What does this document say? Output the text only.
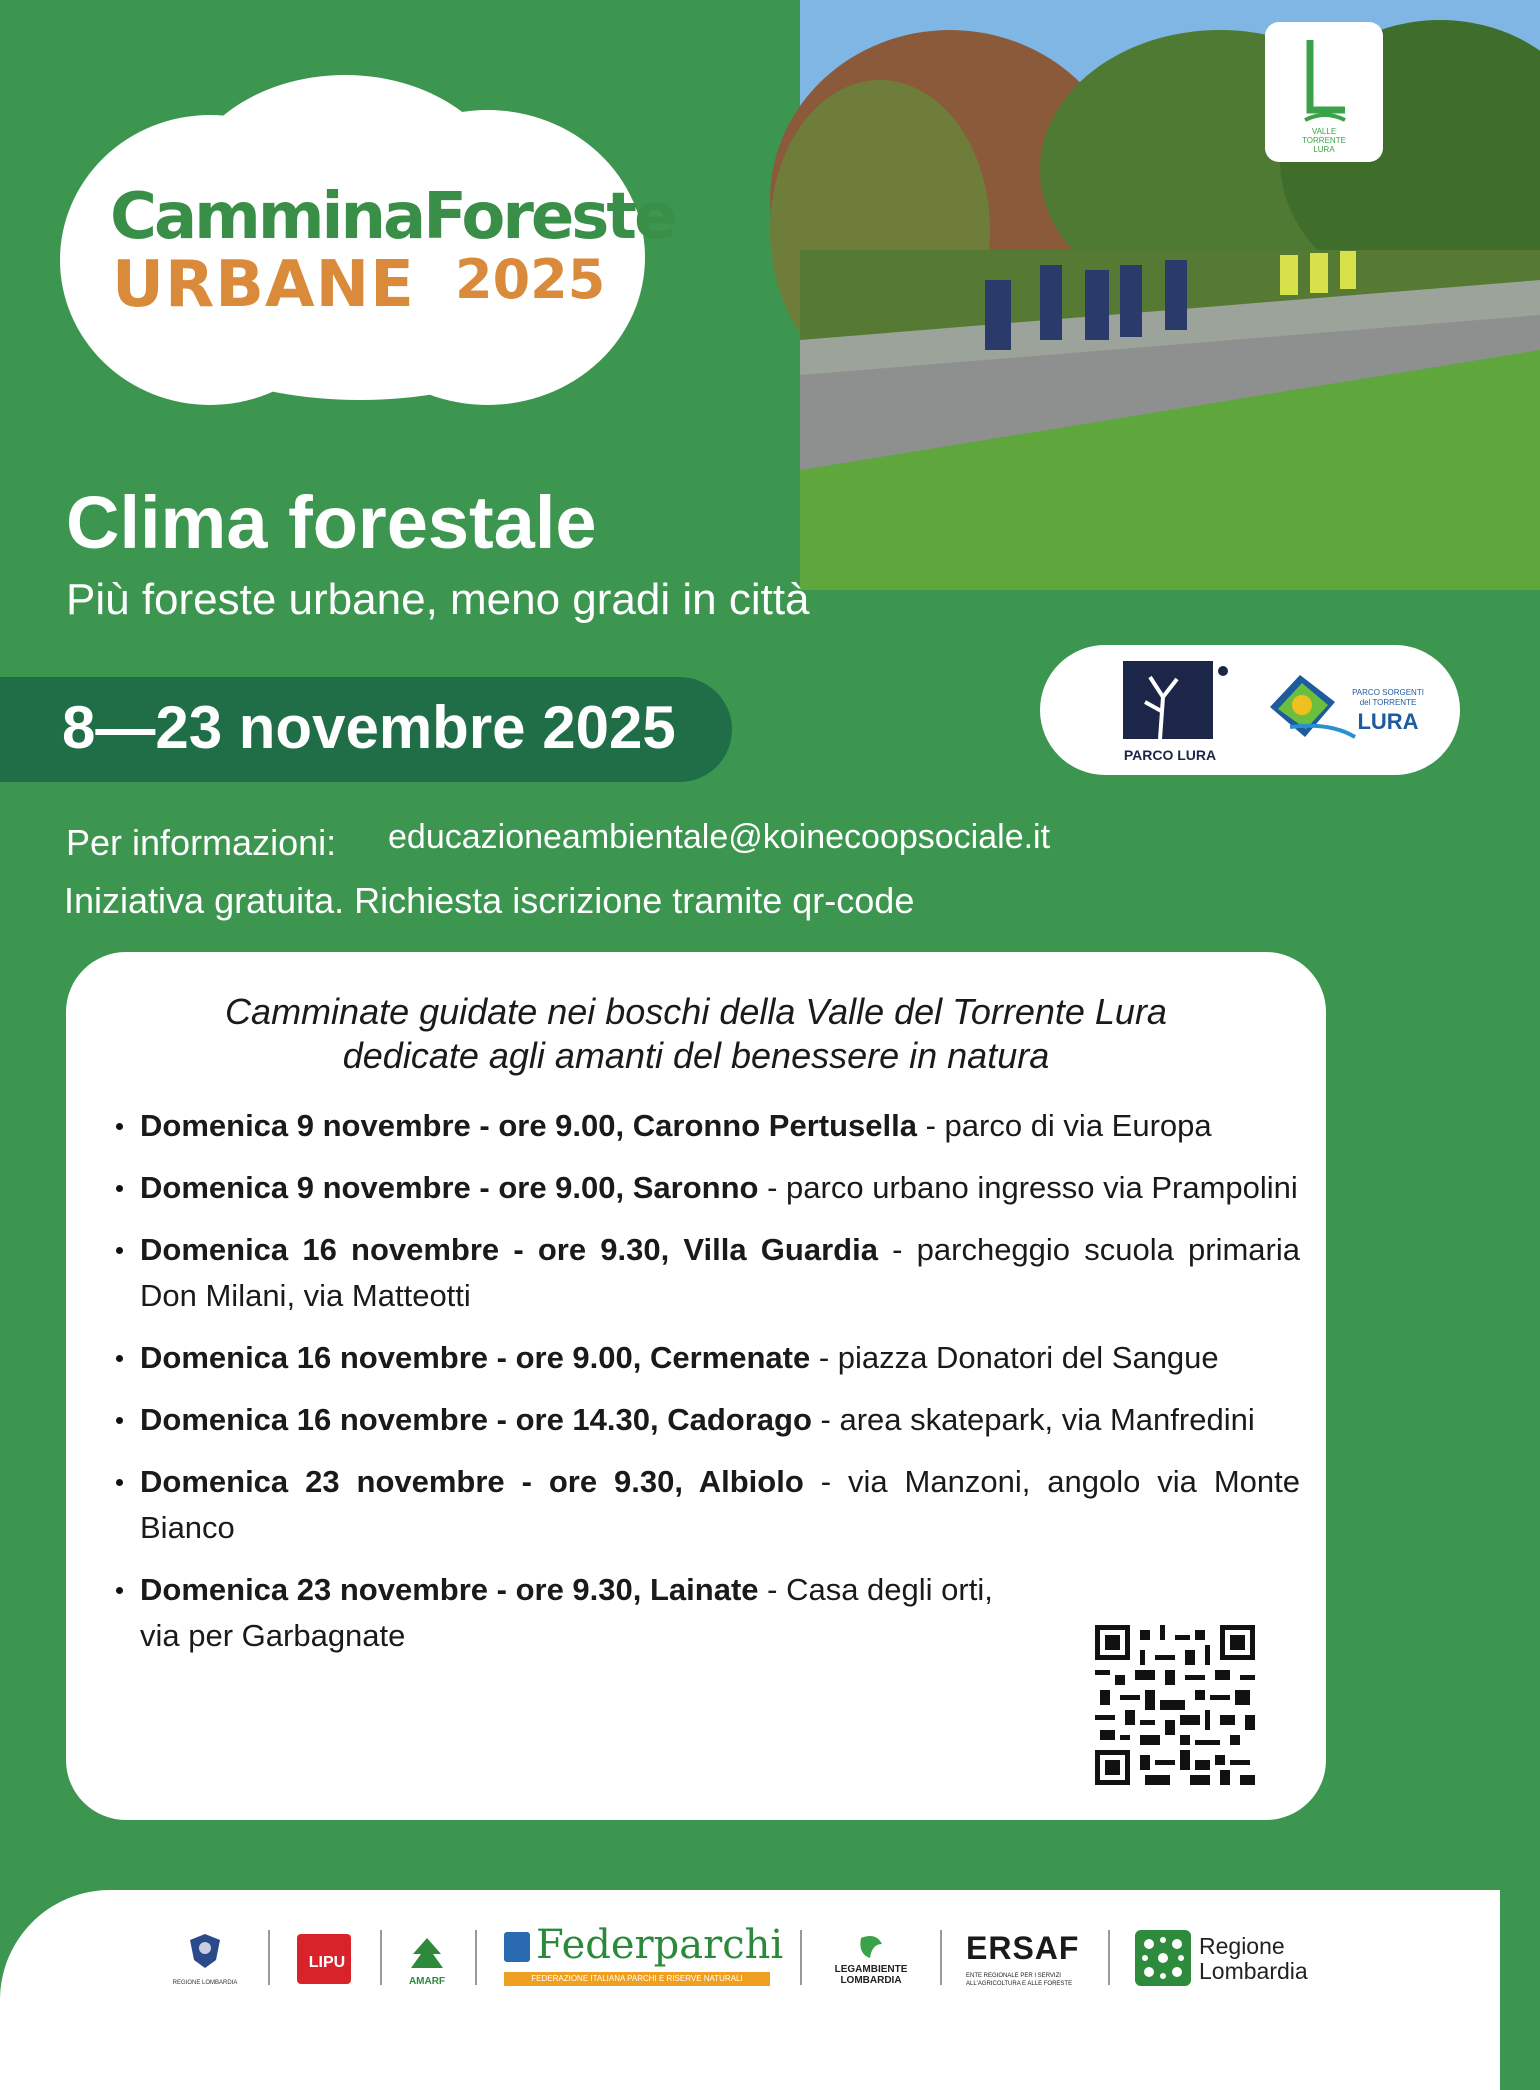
CamminaForeste
URBANE 2025
VALLE
TORRENTE
LURA
Clima forestale
Più foreste urbane, meno gradi in città
8—23 novembre 2025	PARCO LURA
PARCO SORGENTI
del TORRENTE
LURA
Per informazioni: educazioneambientale@koinecoopsociale.it
Iniziativa gratuita. Richiesta iscrizione tramite qr-code
Camminate guidate nei boschi della Valle del Torrente Lura
dedicate agli amanti del benessere in natura
Domenica 9 novembre - ore 9.00, Caronno Pertusella - parco di via Europa
Domenica 9 novembre - ore 9.00, Saronno - parco urbano ingresso via Prampolini
Domenica 16 novembre - ore 9.30, Villa Guardia - parcheggio scuola primaria Don Milani, via Matteotti
Domenica 16 novembre - ore 9.00, Cermenate - piazza Donatori del Sangue
Domenica 16 novembre - ore 14.30, Cadorago - area skatepark, via Manfredini
Domenica 23 novembre - ore 9.30, Albiolo - via Manzoni, angolo via Monte Bianco
Domenica 23 novembre - ore 9.30, Lainate - Casa degli orti,
via per Garbagnate
REGIONE LOMBARDIA
LIPU
AMARF
Federparchi
FEDERAZIONE ITALIANA PARCHI E RISERVE NATURALI
LEGAMBIENTE
LOMBARDIA
ERSAF
ENTE REGIONALE PER I SERVIZI ALL'AGRICOLTURA E ALLE FORESTE
Regione Lombardia
